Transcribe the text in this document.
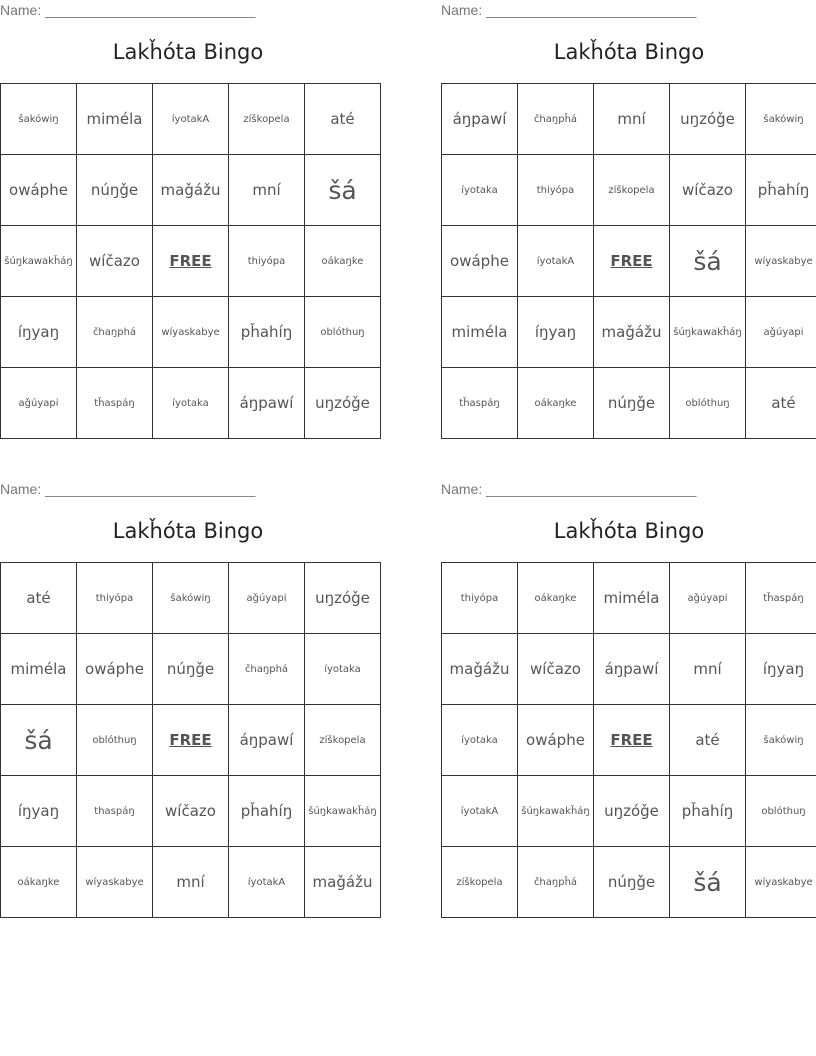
Name: ___________________________
Lakȟóta Bingo
šakówiŋ	miméla	íyotakA	zíškopela	até
owáphe	núŋǧe	maǧážu	mní	šá
šúŋkawakȟáŋ	wíčazo	FREE	thiyópa	oákaŋke
íŋyaŋ	čhaŋphá	wíyaskabye	pȟahíŋ	oblóthuŋ
aǧúyapi	tȟaspáŋ	íyotaka	áŋpawí	uŋzóǧe
Name: ___________________________
Lakȟóta Bingo
áŋpawí	čhaŋpȟá	mní	uŋzóǧe	šakówiŋ
íyotaka	thiyópa	zíškopela	wíčazo	pȟahíŋ
owáphe	íyotakA	FREE	šá	wíyaskabye
miméla	íŋyaŋ	maǧážu	šúŋkawakȟáŋ	aǧúyapi
tȟaspáŋ	oákaŋke	núŋǧe	oblóthuŋ	até
Name: ___________________________
Lakȟóta Bingo
até	thiyópa	šakówiŋ	aǧúyapi	uŋzóǧe
miméla	owáphe	núŋǧe	čhaŋphá	íyotaka
šá	oblóthuŋ	FREE	áŋpawí	zíškopela
íŋyaŋ	thaspáŋ	wíčazo	pȟahíŋ	šúŋkawakȟáŋ
oákaŋke	wíyaskabye	mní	íyotakA	maǧážu
Name: ___________________________
Lakȟóta Bingo
thiyópa	oákaŋke	miméla	aǧúyapi	tȟaspáŋ
maǧážu	wíčazo	áŋpawí	mní	íŋyaŋ
íyotaka	owáphe	FREE	até	šakówiŋ
íyotakA	šúŋkawakȟáŋ	uŋzóǧe	pȟahíŋ	oblóthuŋ
zíškopela	čhaŋpȟá	núŋǧe	šá	wíyaskabye
